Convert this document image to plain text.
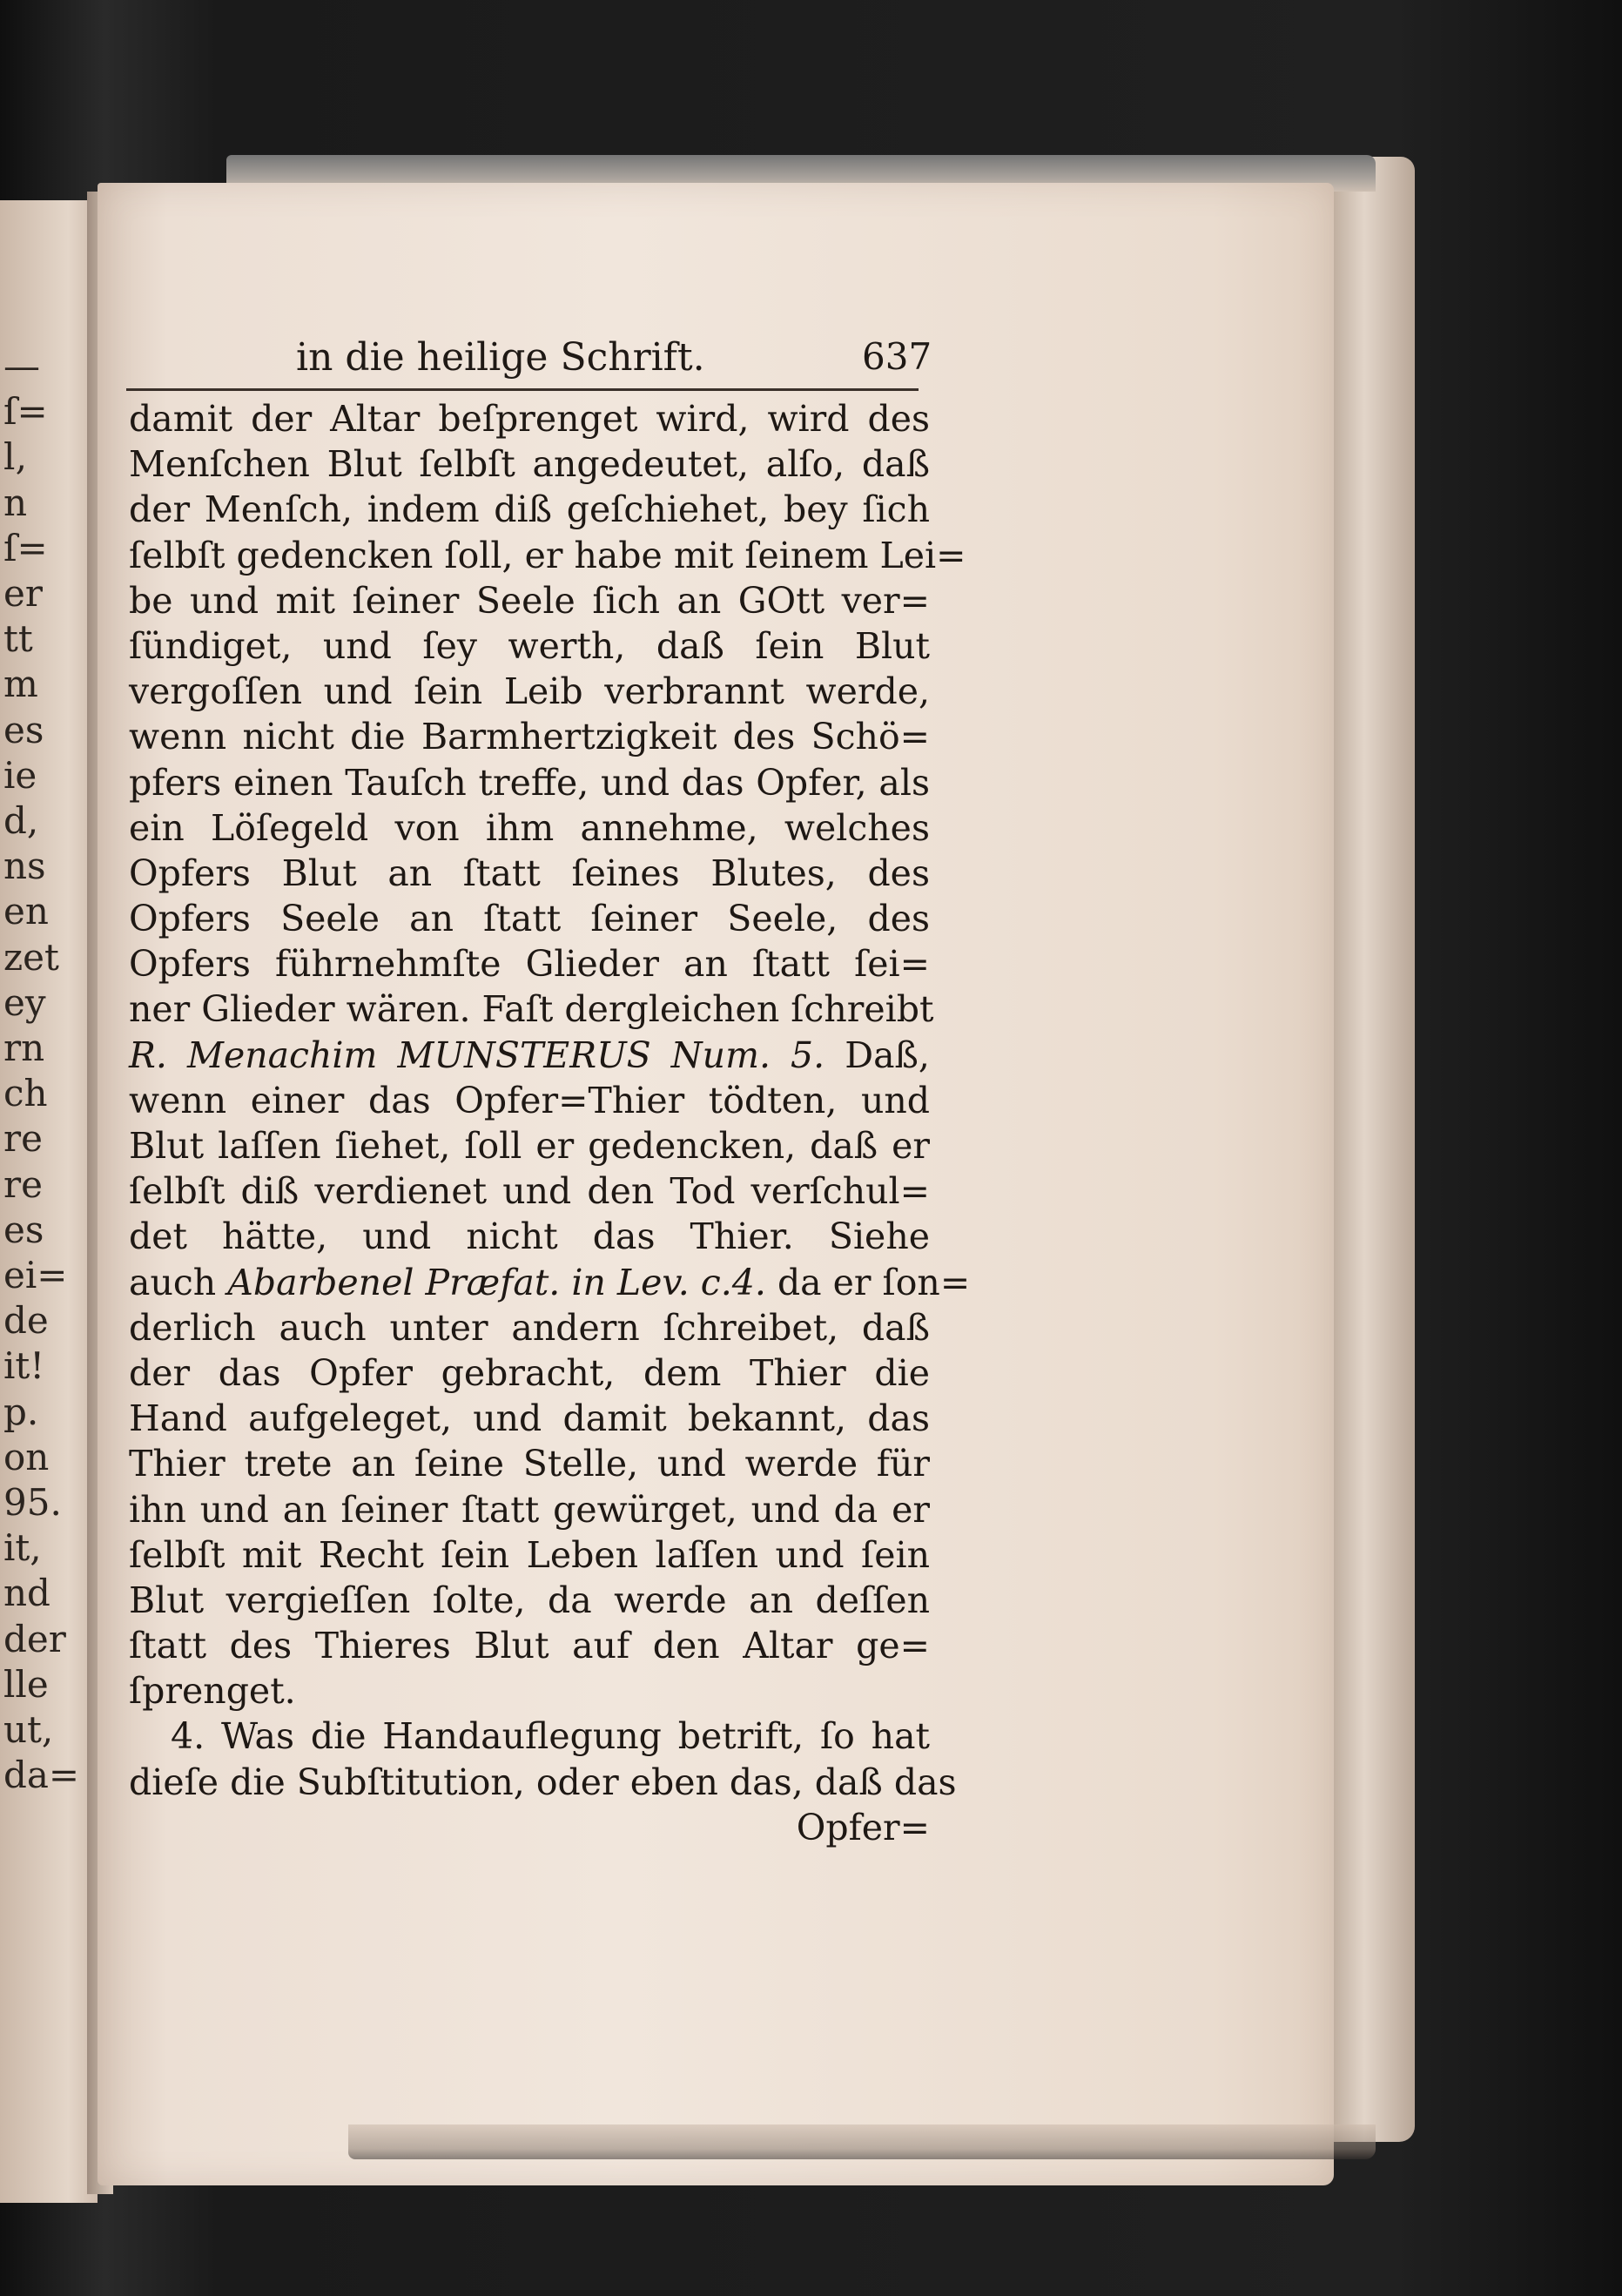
—
ſ=
l‚
n
ſ=
er
tt
m
es
ie
d,
ns
en
zet
ey
rn
ch
re
re
es
ei=
de
it!
p.
on
95.
it,
nd
der
lle
ut,
da=
in die heilige Schrift.	637
damit der Altar beſprenget wird, wird des
Menſchen Blut ſelbſt angedeutet, alſo, daß
der Menſch, indem diß geſchiehet, bey ſich
ſelbſt gedencken ſoll, er habe mit ſeinem Lei=
be und mit ſeiner Seele ſich an GOtt ver=
ſündiget, und ſey werth, daß ſein Blut
vergoſſen und ſein Leib verbrannt werde,
wenn nicht die Barmhertzigkeit des Schö=
pfers einen Tauſch treffe, und das Opfer, als
ein Löſegeld von ihm annehme, welches
Opfers Blut an ſtatt ſeines Blutes, des
Opfers Seele an ſtatt ſeiner Seele, des
Opfers führnehmſte Glieder an ſtatt ſei=
ner Glieder wären. Faſt dergleichen ſchreibt
R. Menachim MUNSTERUS Num. 5. Daß,
wenn einer das Opfer=Thier tödten, und
Blut laſſen ſiehet, ſoll er gedencken, daß er
ſelbſt diß verdienet und den Tod verſchul=
det hätte, und nicht das Thier. Siehe
auch Abarbenel Præfat. in Lev. c.4. da er ſon=
derlich auch unter andern ſchreibet, daß
der das Opfer gebracht, dem Thier die
Hand aufgeleget, und damit bekannt, das
Thier trete an ſeine Stelle, und werde für
ihn und an ſeiner ſtatt gewürget, und da er
ſelbſt mit Recht ſein Leben laſſen und ſein
Blut vergieſſen ſolte, da werde an deſſen
ſtatt des Thieres Blut auf den Altar ge=
ſprenget.
4. Was die Handauflegung betrift, ſo hat
dieſe die Subſtitution, oder eben das, daß das
Opfer=
